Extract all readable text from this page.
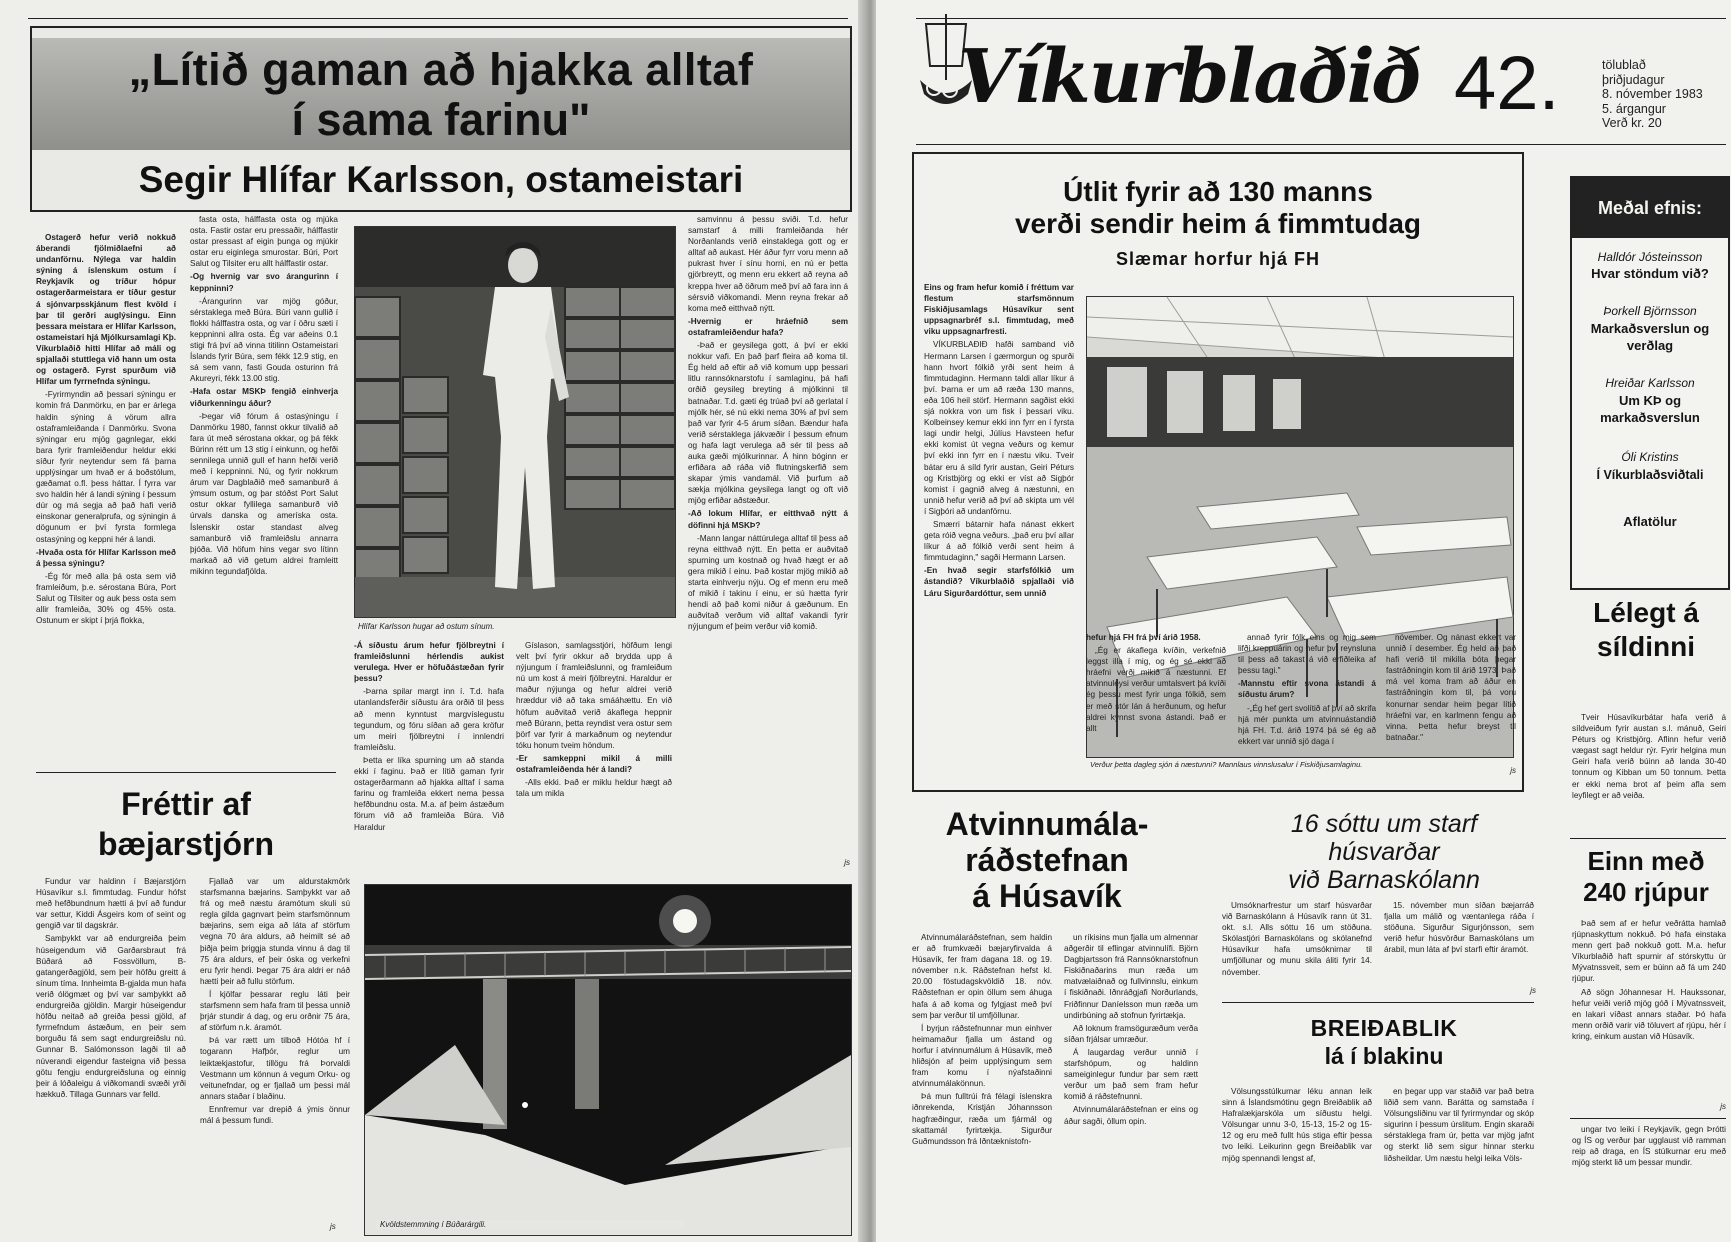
„Lítið gaman að hjakka alltaf
í sama farinu"
Segir Hlífar Karlsson, ostameistari

Ostagerð hefur verið nokkuð áberandi fjölmiðlaefni að undanförnu. Nýlega var haldin sýning á íslenskum ostum í Reykjavík og tríður hópur ostagerðarmeistara er tíður gestur á sjónvarpsskjánum flest kvöld í þar til gerðri auglýsingu. Einn þessara meistara er Hlífar Karlsson, ostameistari hjá Mjólkursamlagi Kþ. Víkurblaðið hitti Hlífar að máli og spjallaði stuttlega við hann um osta og ostagerð. Fyrst spurðum við Hlífar um fyrrnefnda sýningu.

-Fyrirmyndin að þessari sýningu er komin frá Danmörku, en þar er árlega haldin sýning á vörum allra ostaframleiðanda í Danmörku. Svona sýningar eru mjög gagnlegar, ekki bara fyrir framleiðendur heldur ekki síður fyrir neytendur sem fá þarna upplýsingar um hvað er á boðstólum, gæðamat o.fl. þess háttar. Í fyrra var svo haldin hér á landi sýning í þessum dúr og má segja að það hafi verið einskonar generalprufa, og sýningin á dögunum er því fyrsta formlega ostasýning og keppni hér á landi.

-Hvaða osta fór Hlífar Karlsson með á þessa sýningu?

-Ég fór með alla þá osta sem við framleiðum, þ.e. sérostana Búra, Port Salut og Tilsiter og auk þess osta sem allir framleiða, 30% og 45% osta. Ostunum er skipt í þrjá flokka,

fasta osta, hálffasta osta og mjúka osta. Fastir ostar eru pressaðir, hálffastir ostar pressast af eigin þunga og mjúkir ostar eru eiginlega smurostar. Búri, Port Salut og Tilsiter eru allt hálffastir ostar.

-Og hvernig var svo árangurinn í keppninni?

-Árangurinn var mjög góður, sérstaklega með Búra. Búri vann gullið í flokki hálffastra osta, og var í öðru sæti í keppninni allra osta. Ég var aðeins 0.1 stigi frá því að vinna titilinn Ostameistari Íslands fyrir Búra, sem fékk 12.9 stig, en sá sem vann, fasti Gouda osturinn frá Akureyri, fékk 13.00 stig.

-Hafa ostar MSKÞ fengið einhverja viðurkenningu áður?

-Þegar við fórum á ostasýningu í Danmörku 1980, fannst okkur tilvalið að fara út með sérostana okkar, og þá fékk Búrinn rétt um 13 stig í einkunn, og hefði sennilega unnið gull ef hann hefði verið með í keppninni. Nú, og fyrir nokkrum árum var Dagblaðið með samanburð á ýmsum ostum, og þar stóðst Port Salut ostur okkar fyllilega samanburð við úrvals danska og ameríska osta. Íslenskir ostar standast alveg samanburð við framleiðslu annarra þjóða. Við höfum hins vegar svo lítinn markað að við getum aldrei framleitt mikinn tegundafjölda.

Hlífar Karlsson hugar að ostum sínum.

-Á síðustu árum hefur fjölbreytni í framleiðslunni hérlendis aukist verulega. Hver er höfuðástæðan fyrir þessu?

-Þarna spilar margt inn í. T.d. hafa utanlandsferðir síðustu ára orðið til þess að menn kynntust margvíslegustu tegundum, og fóru síðan að gera kröfur um meiri fjölbreytni í innlendri framleiðslu.

Þetta er líka spurning um að standa ekki í faginu. Það er lítið gaman fyrir ostagerðarmann að hjakka alltaf í sama farinu og framleiða ekkert nema þessa hefðbundnu osta. M.a. af þeim ástæðum förum við að framleiða Búra. Við Haraldur

Gíslason, samlagsstjóri, höfðum lengi velt því fyrir okkur að brydda upp á nýjungum í framleiðslunni, og framleiðum nú um kost á meiri fjölbreytni. Haraldur er maður nýjunga og hefur aldrei verið hræddur við að taka smááhættu. En við höfum auðvitað verið ákaflega heppnir með Búrann, þetta reyndist vera ostur sem þörf var fyrir á markaðnum og neytendur tóku honum tveim höndum.

-Er samkeppni mikil á milli ostaframleiðenda hér á landi?

-Alls ekki. Það er miklu heldur hægt að tala um mikla

samvinnu á þessu sviði. T.d. hefur samstarf á milli framleiðanda hér Norðanlands verið einstaklega gott og er alltaf að aukast. Hér áður fyrr voru menn að pukrast hver í sínu horni, en nú er þetta gjörbreytt, og menn eru ekkert að reyna að kreppa hver að öðrum með því að fara inn á sérsvið viðkomandi. Menn reyna frekar að koma með eitthvað nýtt.

-Hvernig er hráefnið sem ostaframleiðendur hafa?

-Það er geysilega gott, á því er ekki nokkur vafi. En það þarf fleira að koma til. Ég held að eftir að við komum upp þessari litlu rannsóknarstofu í samlaginu, þá hafi orðið geysileg breyting á mjólkinni til batnaðar. T.d. gæti ég trúað því að gerlatal í mjólk hér, sé nú ekki nema 30% af því sem það var fyrir 4-5 árum síðan. Bændur hafa verið sérstaklega jákvæðir í þessum efnum og hafa lagt verulega að sér til þess að auka gæði mjólkurinnar. Á hinn bóginn er erfiðara að ráða við flutningskerfið sem skapar ýmis vandamál. Við þurfum að sækja mjólkina geysilega langt og oft við mjög erfiðar aðstæður.

-Að lokum Hlífar, er eitthvað nýtt á döfinni hjá MSKÞ?

-Mann langar náttúrulega alltaf til þess að reyna eitthvað nýtt. En þetta er auðvitað spurning um kostnað og hvað hægt er að gera mikið í einu. Það kostar mjög mikið að starta einhverju nýju. Og ef menn eru með of mikið í takinu í einu, er sú hætta fyrir hendi að það komi niður á gæðunum. En auðvitað verðum við alltaf vakandi fyrir nýjungum ef þeim verður við komið.

js
Fréttir af
bæjarstjórn

Fundur var haldinn í Bæjarstjórn Húsavíkur s.l. fimmtudag. Fundur hófst með hefðbundnum hætti á því að fundur var settur, Kiddi Ásgeirs kom of seint og gengið var til dagskrár.

Samþykkt var að endurgreiða þeim húseigendum við Garðarsbraut frá Búðará að Fossvöllum, B-gatangerðagjöld, sem þeir höfðu greitt á sínum tíma. Innheimta B-gjalda mun hafa verið ólögmæt og því var samþykkt að endurgreiða gjöldin. Margir húseigendur höfðu neitað að greiða þessi gjöld, af fyrrnefndum ástæðum, en þeir sem borguðu fá sem sagt endurgreiðslu nú. Gunnar B. Salómonsson lagði til að núverandi eigendur fasteigna við þessa götu fengju endurgreiðsluna og einnig þeir á lóðaleigu á viðkomandi svæði yrði hækkuð. Tillaga Gunnars var felld.

Fjallað var um aldurstakmörk starfsmanna bæjarins. Samþykkt var að frá og með næstu áramótum skuli sú regla gilda gagnvart þeim starfsmönnum bæjarins, sem eiga að láta af störfum vegna 70 ára aldurs, að heimilt sé að þiðja þeim þriggja stunda vinnu á dag til 75 ára aldurs, ef þeir óska og verkefni eru fyrir hendi. Þegar 75 ára aldri er náð hætti þeir að fullu störfum.

Í kjölfar þessarar reglu láti þeir starfsmenn sem hafa fram til þessa unnið þrjár stundir á dag, og eru orðnir 75 ára, af störfum n.k. áramót.

Þá var rætt um tilboð Hótóa hf í togarann Hafþór, reglur um leiktækjastofur, tillögu frá Þorvaldi Vestmann um könnun á vegum Orku- og veitunefndar, og er fjallað um þessi mál annars staðar í blaðinu.

Ennfremur var drepið á ýmis önnur mál á þessum fundi.

Kvöldstemmning í Búðarárgili.
js
Víkurblaðið 42.	tölublað
þriðjudagur
8. nóvember 1983
5. árgangur
Verð kr. 20
Útlit fyrir að 130 manns
verði sendir heim á fimmtudag
Slæmar horfur hjá FH

Eins og fram hefur komið í fréttum var flestum starfsmönnum Fiskiðjusamlags Húsavíkur sent uppsagnarbréf s.l. fimmtudag, með viku uppsagnarfresti.

VÍKURBLAÐIÐ hafði samband við Hermann Larsen í gærmorgun og spurði hann hvort fólkið yrði sent heim á fimmtudaginn. Hermann taldi allar líkur á því. Þarna er um að ræða 130 manns, eða 106 heil störf. Hermann sagðist ekki sjá nokkra von um fisk í þessari viku. Kolbeinsey kemur ekki inn fyrr en í fyrsta lagi undir helgi, Júlíus Havsteen hefur ekki komist út vegna veðurs og kemur því ekki inn fyrr en í næstu viku. Tveir bátar eru á síld fyrir austan, Geiri Péturs og Kristbjörg og ekki er víst að Sigþór komist í gagnið alveg á næstunni, en unnið hefur verið að því að skipta um vél í Sigþóri að undanförnu.

Smærri bátarnir hafa nánast ekkert geta róið vegna veðurs. „það eru því allar líkur á að fólkið verði sent heim á fimmtudaginn," sagði Hermann Larsen.

-En hvað segir starfsfólkið um ástandið? Víkurblaðið spjallaði við Láru Sigurðardóttur, sem unnið

Verður þetta dagleg sjón á næstunni? Mannlaus vinnslusalur í Fiskiðjusamlaginu.

hefur hjá FH frá því árið 1958.

„Ég er ákaflega kvíðin, verkefnið leggst illa í mig, og ég sé ekki að hráefni verði mikið á næstunni. Ef atvinnuleysi verður umtalsvert þá kvíði ég þessu mest fyrir unga fólkið, sem er með stór lán á herðunum, og hefur aldrei kynnst svona ástandi. Það er allt

annað fyrir fólk eins og mig sem lifði kreppuárin og hefur því reynsluna til þess að takast á við erfiðleika af þessu tagi."

-Mannstu eftir svona ástandi á síðustu árum?

-„Ég hef gert svolítið af því að skrifa hjá mér punkta um atvinnuástandið hjá FH. T.d. árið 1974 þá sé ég að ekkert var unnið sjö daga í

nóvember. Og nánast ekkert var unnið í desember. Ég held að það hafi verið til mikilla bóta þegar fastráðningin kom til árið 1973. Það má vel koma fram að áður en fastráðningin kom til, þá voru konurnar sendar heim þegar lítið hráefni var, en karlmenn fengu að vinna. Þetta hefur breyst til batnaðar."

js
Meðal efnis:
Halldór Jósteinsson
Hvar stöndum við?
Þorkell Björnsson
Markaðsverslun og verðlag
Hreiðar Karlsson
Um KÞ og markaðsverslun
Óli Kristins
Í Víkurblaðsviðtali
Aflatölur
Lélegt á síldinni

Tveir Húsavíkurbátar hafa verið á síldveiðum fyrir austan s.l. mánuð, Geiri Péturs og Kristbjörg. Aflinn hefur verið vægast sagt heldur rýr. Fyrir helgina mun Geiri hafa verið búinn að landa 30-40 tonnum og Kibban um 50 tonnum. Þetta er ekki nema brot af þeim afla sem leyfilegt er að veiða.

Einn með 240 rjúpur

Það sem af er hefur veðrátta hamlað rjúpnaskyttum nokkuð. Þó hafa einstaka menn gert það nokkuð gott. M.a. hefur Víkurblaðið haft spurnir af stórskyttu úr Mývatnssveit, sem er búinn að fá um 240 rjúpur.

Að sögn Jóhannesar H. Haukssonar, hefur veiði verið mjög góð í Mývatnssveit, en lakari víðast annars staðar. Þó hafa menn orðið varir við töluvert af rjúpu, hér í kring, einkum austan við Húsavík.

js

ungar tvo leiki í Reykjavík, gegn Þrótti og ÍS og verður þar ugglaust við ramman reip að draga, en ÍS stúlkurnar eru með mjög sterkt lið um þessar mundir.

Atvinnumála-
ráðstefnan
á Húsavík

Atvinnumálaráðstefnan, sem haldin er að frumkvæði bæjaryfirvalda á Húsavík, fer fram dagana 18. og 19. nóvember n.k. Ráðstefnan hefst kl. 20.00 föstudagskvöldið 18. nóv. Ráðstefnan er opin öllum sem áhuga hafa á að koma og fylgjast með því sem þar verður til umfjöllunar.

Í byrjun ráðstefnunnar mun einhver heimamaður fjalla um ástand og horfur í atvinnumálum á Húsavík, með hliðsjón af þeim upplýsingum sem fram komu í nýafstaðinni atvinnumálakönnun.

Þá mun fulltrúi frá félagi íslenskra iðnrekenda, Kristján Jóhannsson hagfræðingur, ræða um fjármál og skattamál fyrirtækja. Sigurður Guðmundsson frá Iðntæknistofn-

un ríkisins mun fjalla um almennar aðgerðir til eflingar atvinnulífi. Björn Dagbjartsson frá Rannsóknarstofnun Fiskiðnaðarins mun ræða um matvælaiðnað og fullvinnslu, einkum í fiskiðnaði. Iðnráðgjafi Norðurlands, Friðfinnur Daníelsson mun ræða um undirbúning að stofnun fyrirtækja.

Að loknum framsöguræðum verða síðan frjálsar umræður.

Á laugardag verður unnið í starfshópum, og haldinn sameiginlegur fundur þar sem rætt verður um það sem fram hefur komið á ráðstefnunni.

Atvinnumálaráðstefnan er eins og áður sagði, öllum opin.

16 sóttu um starf
húsvarðar
við Barnaskólann

Umsóknarfrestur um starf húsvarðar við Barnaskólann á Húsavík rann út 31. okt. s.l. Alls sóttu 16 um stöðuna. Skólastjóri Barnaskólans og skólanefnd Húsavíkur hafa umsóknirnar til umfjöllunar og munu skila áliti fyrir 14. nóvember.

15. nóvember mun síðan bæjarráð fjalla um málið og væntanlega ráða í stöðuna. Sigurður Sigurjónsson, sem verið hefur húsvörður Barnaskólans um árabil, mun láta af því starfi eftir áramót.

js
BREIÐABLIK
lá í blakinu

Völsungsstúlkurnar léku annan leik sinn á Íslandsmótinu gegn Breiðablik að Hafralækjarskóla um síðustu helgi. Völsungar unnu 3-0, 15-13, 15-2 og 15-12 og eru með fullt hús stiga eftir þessa tvo leiki. Leikurinn gegn Breiðablik var mjög spennandi lengst af,

en þegar upp var staðið var það betra liðið sem vann. Barátta og samstaða í Völsungsliðinu var til fyrirmyndar og skóp sigurinn í þessum úrslitum. Engin skaraði sérstaklega fram úr, þetta var mjög jafnt og sterkt lið sem sigur hinnar sterku liðsheildar. Um næstu helgi leika Völs-
